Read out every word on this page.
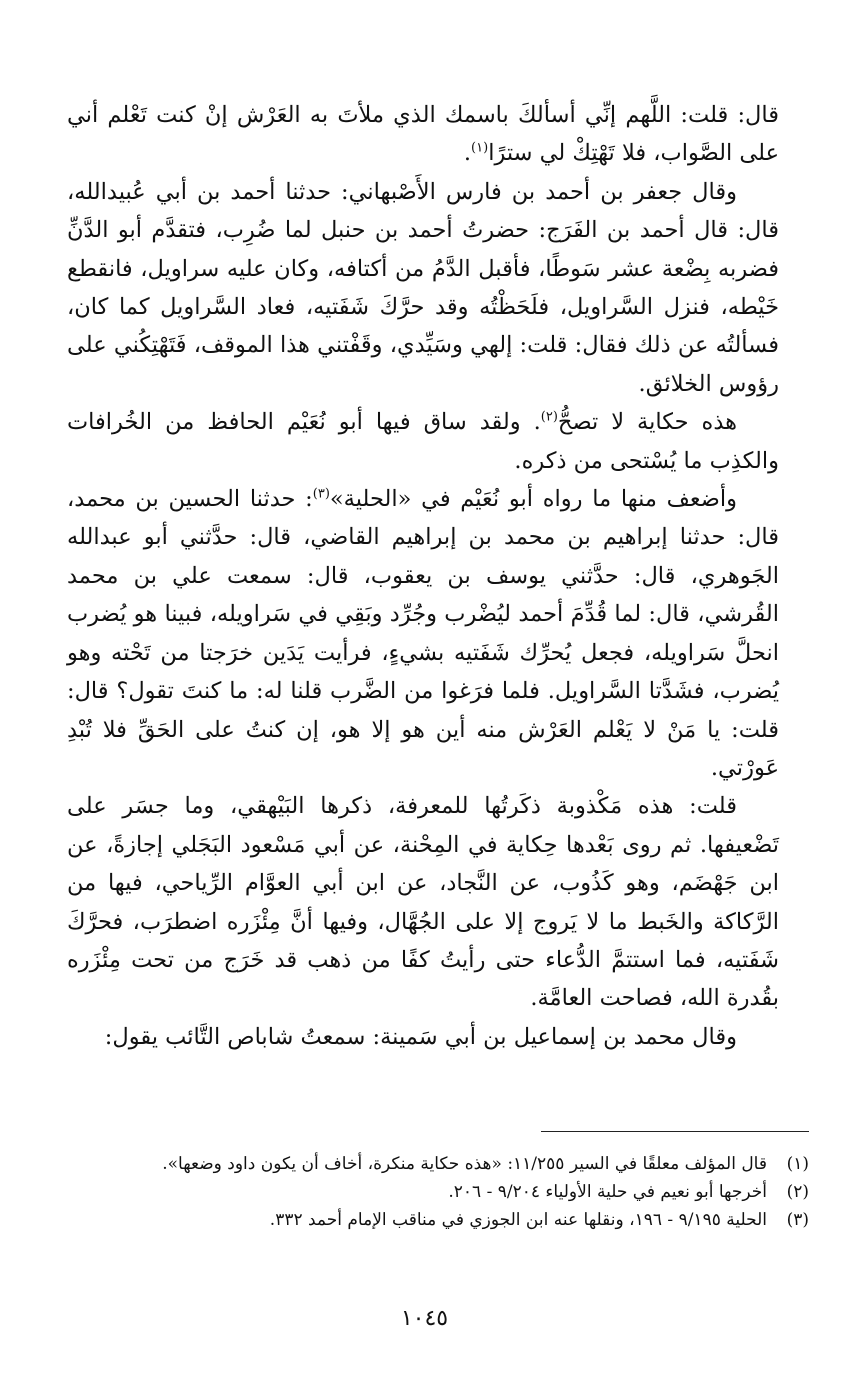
قال: قلت: اللَّهم إنِّي أسألكَ باسمك الذي ملأتَ به العَرْش إنْ كنت تَعْلم أني على الصَّواب، فلا تَهْتِكْ لي سترًا$^{(١)}$.

وقال جعفر بن أحمد بن فارس الأَصْبهاني: حدثنا أحمد بن أبي عُبيدالله، قال: قال أحمد بن الفَرَج: حضرتُ أحمد بن حنبل لما ضُرِب، فتقدَّم أبو الدَّنِّ فضربه بِضْعة عشر سَوطًا، فأقبل الدَّمُ من أكتافه، وكان عليه سراويل، فانقطع خَيْطه، فنزل السَّراويل، فلَحَظْتُه وقد حرَّكَ شَفَتيه، فعاد السَّراويل كما كان، فسألتُه عن ذلك فقال: قلت: إلهي وسَيِّدي، وقَفْتني هذا الموقف، فَتَهْتِكُني على رؤوس الخلائق.

هذه حكاية لا تصحُّ$^{(٢)}$. ولقد ساق فيها أبو نُعَيْم الحافظ من الخُرافات والكذِب ما يُسْتحى من ذكره.

وأضعف منها ما رواه أبو نُعَيْم في «الحلية»$^{(٣)}$: حدثنا الحسين بن محمد، قال: حدثنا إبراهيم بن محمد بن إبراهيم القاضي، قال: حدَّثني أبو عبدالله الجَوهري، قال: حدَّثني يوسف بن يعقوب، قال: سمعت علي بن محمد القُرشي، قال: لما قُدِّمَ أحمد ليُضْرب وجُرِّد وبَقِي في سَراويله، فبينا هو يُضرب انحلَّ سَراويله، فجعل يُحرِّك شَفَتيه بشيءٍ، فرأيت يَدَين خرَجتا من تَحْته وهو يُضرب، فشَدَّتا السَّراويل. فلما فرَغوا من الضَّرب قلنا له: ما كنتَ تقول؟ قال: قلت: يا مَنْ لا يَعْلم العَرْش منه أين هو إلا هو، إن كنتُ على الحَقِّ فلا تُبْدِ عَورْتي.

قلت: هذه مَكْذوبة ذكَرتُها للمعرفة، ذكرها البَيْهقي، وما جسَر على تَضْعيفها. ثم روى بَعْدها حِكاية في المِحْنة، عن أبي مَسْعود البَجَلي إجازةً، عن ابن جَهْضَم، وهو كَذُوب، عن النَّجاد، عن ابن أبي العوَّام الرِّياحي، فيها من الرَّكاكة والخَبط ما لا يَروج إلا على الجُهَّال، وفيها أنَّ مِئْزَره اضطرَب، فحرَّكَ شَفَتيه، فما استتمَّ الدُّعاء حتى رأيتُ كفًا من ذهب قد خَرَج من تحت مِئْزَره بقُدرة الله، فصاحت العامَّة.

وقال محمد بن إسماعيل بن أبي سَمينة: سمعتُ شاباص التَّائب يقول:

(١)
قال المؤلف معلقًا في السير ١١/٢٥٥: «هذه حكاية منكرة، أخاف أن يكون داود وضعها».
(٢)
أخرجها أبو نعيم في حلية الأولياء ٩/٢٠٤ - ٢٠٦.
(٣)
الحلية ٩/١٩٥ - ١٩٦، ونقلها عنه ابن الجوزي في مناقب الإمام أحمد ٣٣٢.
١٠٤٥
